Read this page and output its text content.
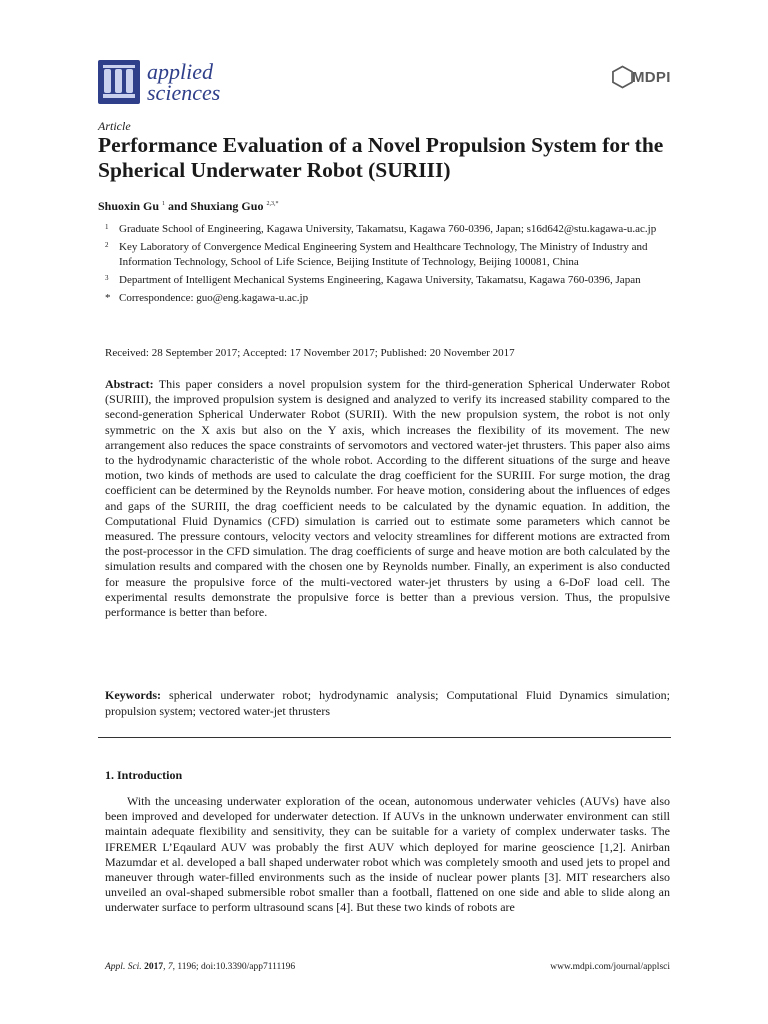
applied
sciences
MDPI
Article
Performance Evaluation of a Novel Propulsion System for the Spherical Underwater Robot (SURIII)
Shuoxin Gu $^1$ and Shuxiang Guo $^{2,3,*}$
1 Graduate School of Engineering, Kagawa University, Takamatsu, Kagawa 760-0396, Japan; s16d642@stu.kagawa-u.ac.jp
2 Key Laboratory of Convergence Medical Engineering System and Healthcare Technology, The Ministry of Industry and Information Technology, School of Life Science, Beijing Institute of Technology, Beijing 100081, China
3 Department of Intelligent Mechanical Systems Engineering, Kagawa University, Takamatsu, Kagawa 760-0396, Japan
* Correspondence: guo@eng.kagawa-u.ac.jp
Received: 28 September 2017; Accepted: 17 November 2017; Published: 20 November 2017
Abstract: This paper considers a novel propulsion system for the third-generation Spherical Underwater Robot (SURIII), the improved propulsion system is designed and analyzed to verify its increased stability compared to the second-generation Spherical Underwater Robot (SURII). With the new propulsion system, the robot is not only symmetric on the X axis but also on the Y axis, which increases the flexibility of its movement. The new arrangement also reduces the space constraints of servomotors and vectored water-jet thrusters. This paper also aims to the hydrodynamic characteristic of the whole robot. According to the different situations of the surge and heave motion, two kinds of methods are used to calculate the drag coefficient for the SURIII. For surge motion, the drag coefficient can be determined by the Reynolds number. For heave motion, considering about the influences of edges and gaps of the SURIII, the drag coefficient needs to be calculated by the dynamic equation. In addition, the Computational Fluid Dynamics (CFD) simulation is carried out to estimate some parameters which cannot be measured. The pressure contours, velocity vectors and velocity streamlines for different motions are extracted from the post-processor in the CFD simulation. The drag coefficients of surge and heave motion are both calculated by the simulation results and compared with the chosen one by Reynolds number. Finally, an experiment is also conducted for measure the propulsive force of the multi-vectored water-jet thrusters by using a 6-DoF load cell. The experimental results demonstrate the propulsive force is better than a previous version. Thus, the propulsive performance is better than before.
Keywords: spherical underwater robot; hydrodynamic analysis; Computational Fluid Dynamics simulation; propulsion system; vectored water-jet thrusters
1. Introduction
With the unceasing underwater exploration of the ocean, autonomous underwater vehicles (AUVs) have also been improved and developed for underwater detection. If AUVs in the unknown underwater environment can still maintain adequate flexibility and sensitivity, they can be suitable for a variety of complex underwater tasks. The IFREMER L’Eqaulard AUV was probably the first AUV which deployed for marine geoscience [1,2]. Anirban Mazumdar et al. developed a ball shaped underwater robot which was completely smooth and used jets to propel and maneuver through water-filled environments such as the inside of nuclear power plants [3]. MIT researchers also unveiled an oval-shaped submersible robot smaller than a football, flattened on one side and able to slide along an underwater surface to perform ultrasound scans [4]. But these two kinds of robots are
Appl. Sci. 2017, 7, 1196; doi:10.3390/app7111196	www.mdpi.com/journal/applsci
